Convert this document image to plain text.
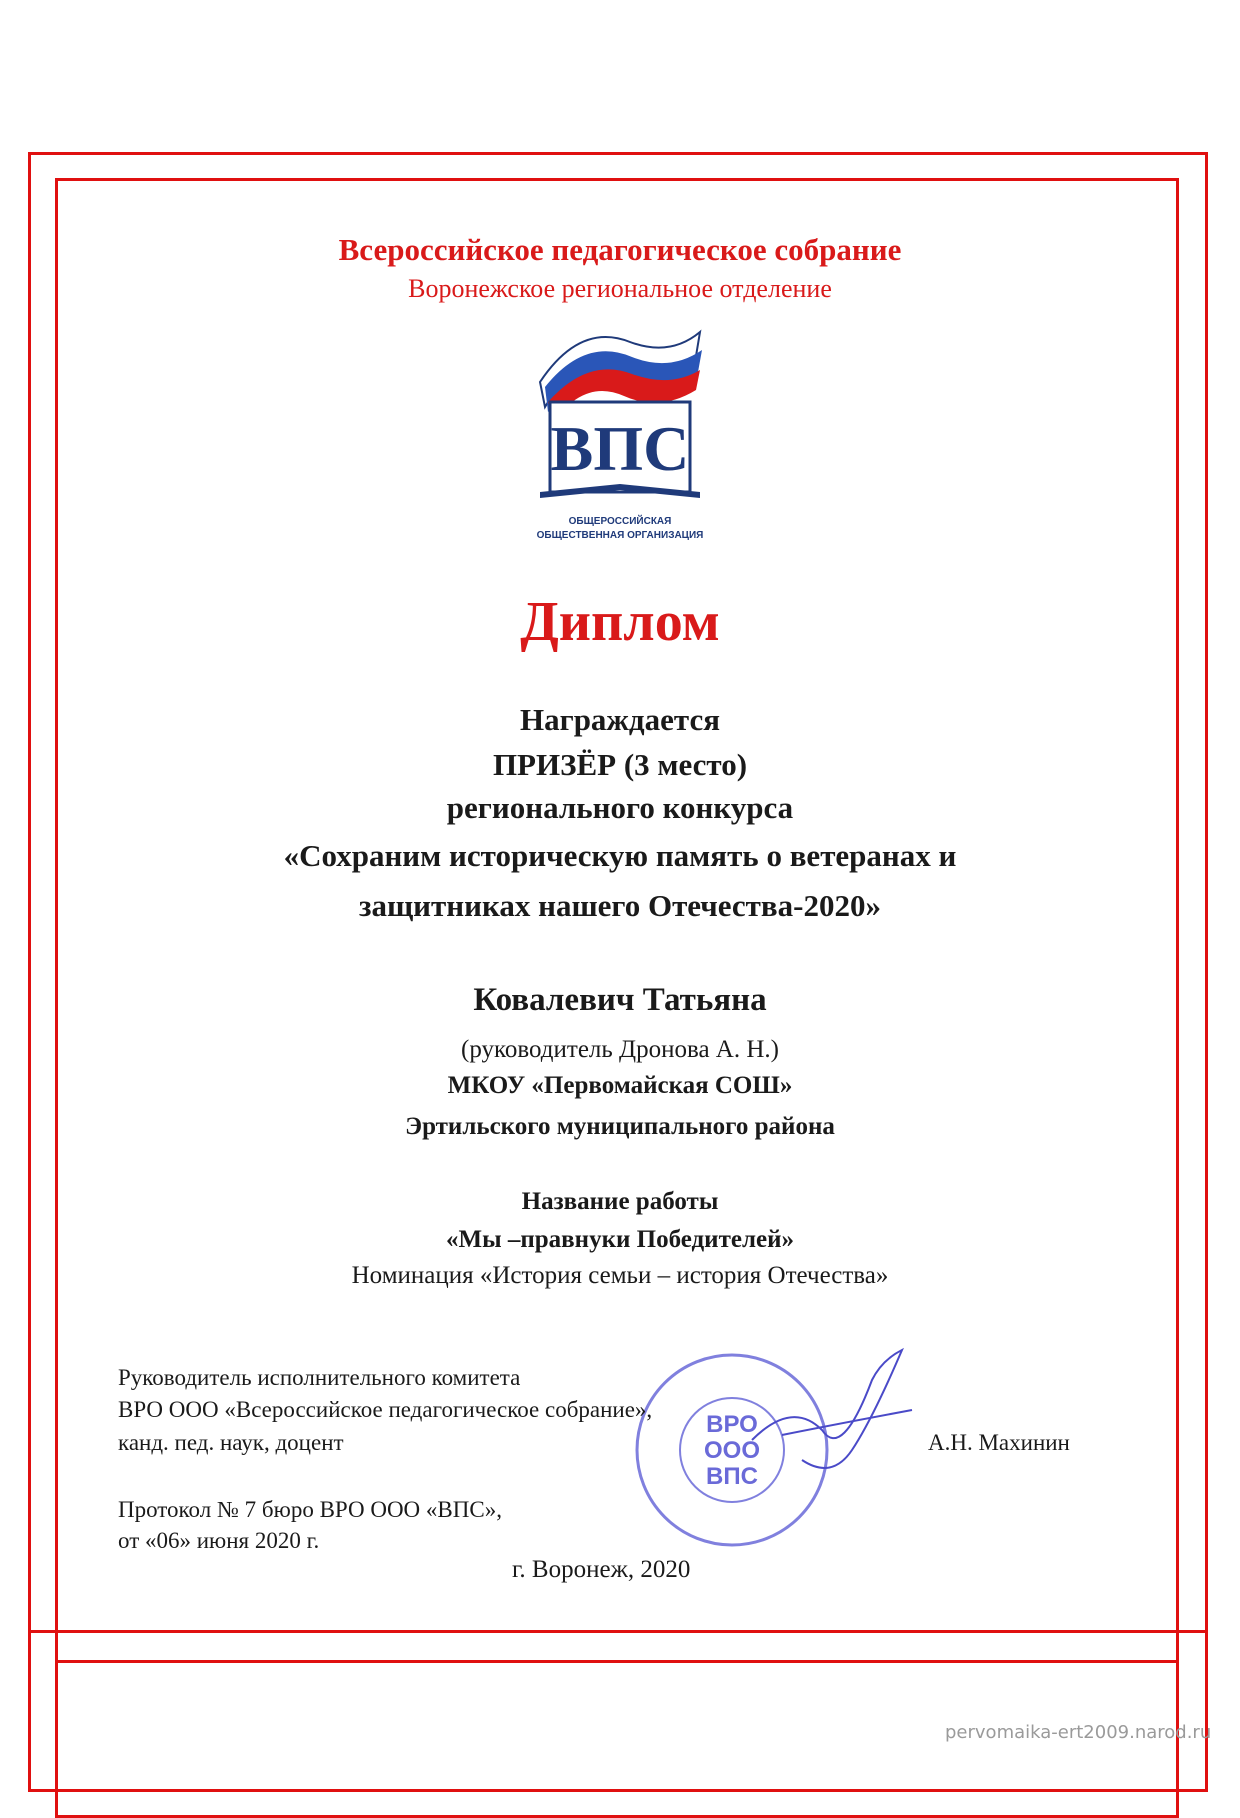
Всероссийское педагогическое собрание
Воронежское региональное отделение
ВПС
ОБЩЕРОССИЙСКАЯ
ОБЩЕСТВЕННАЯ ОРГАНИЗАЦИЯ
Диплом
Награждается
ПРИЗЁР (3 место)
регионального конкурса
«Сохраним историческую память о ветеранах и
защитниках нашего Отечества-2020»
Ковалевич Татьяна
(руководитель Дронова А. Н.)
МКОУ «Первомайская СОШ»
Эртильского муниципального района
Название работы
«Мы –правнуки Победителей»
Номинация «История семьи – история Отечества»
ВРО
ООО
ВПС
Руководитель исполнительного комитета
ВРО ООО «Всероссийское педагогическое собрание»,
канд. пед. наук, доцент	А.Н. Махинин
Протокол № 7 бюро ВРО ООО «ВПС»,
от «06» июня 2020 г.
г. Воронеж, 2020
pervomaika-ert2009.narod.ru
